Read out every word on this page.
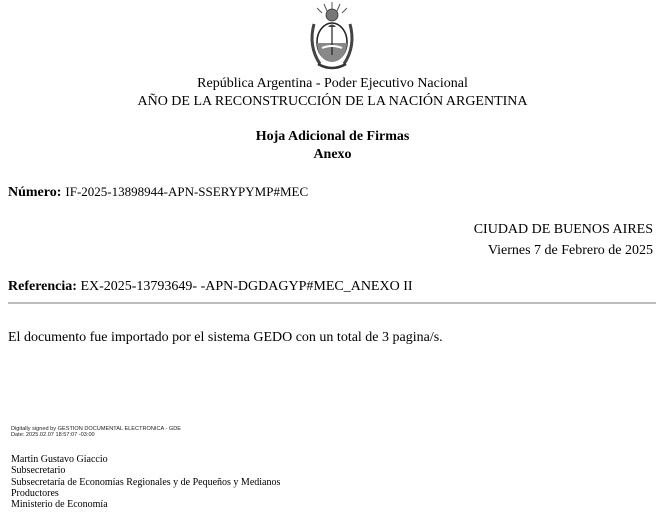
República Argentina - Poder Ejecutivo Nacional
AÑO DE LA RECONSTRUCCIÓN DE LA NACIÓN ARGENTINA
Hoja Adicional de Firmas
Anexo
Número: IF-2025-13898944-APN-SSERYPYMP#MEC
CIUDAD DE BUENOS AIRES
Viernes 7 de Febrero de 2025
Referencia: EX-2025-13793649- -APN-DGDAGYP#MEC_ANEXO II
El documento fue importado por el sistema GEDO con un total de 3 pagina/s.
Digitally signed by GESTION DOCUMENTAL ELECTRONICA - GDE
Date: 2025.02.07 18:57:07 -03:00
Martin Gustavo Giaccio
Subsecretario
Subsecretaría de Economías Regionales y de Pequeños y Medianos
Productores
Ministerio de Economía
